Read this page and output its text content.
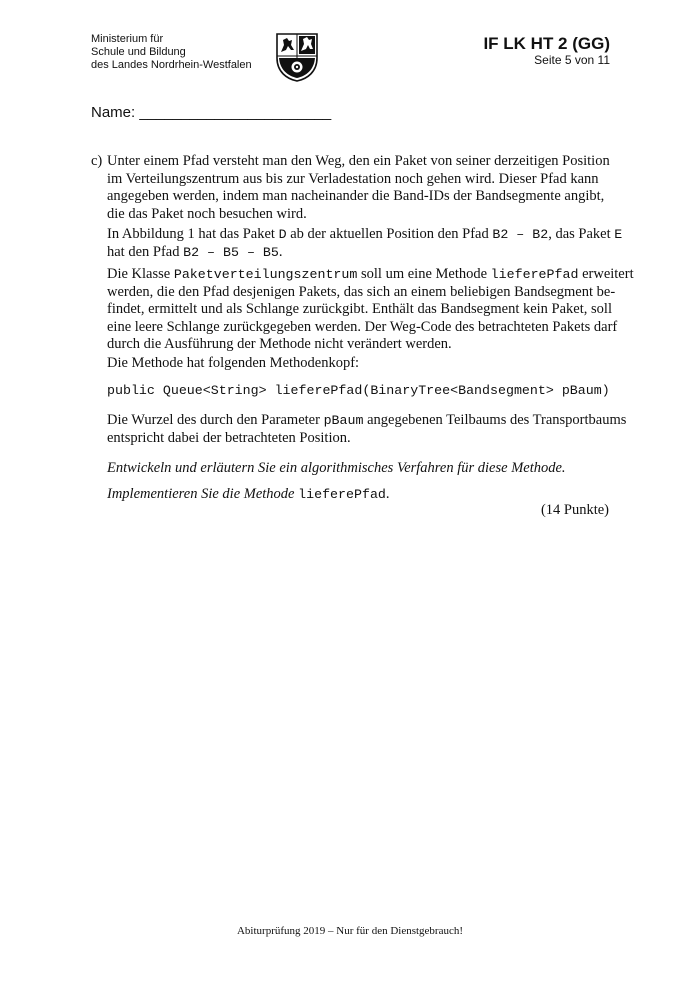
Ministerium für
Schule und Bildung
des Landes Nordrhein-Westfalen
IF LK HT 2 (GG)
Seite 5 von 11
Name: _______________________
c) Unter einem Pfad versteht man den Weg, den ein Paket von seiner derzeitigen Position
im Verteilungszentrum aus bis zur Verladestation noch gehen wird. Dieser Pfad kann
angegeben werden, indem man nacheinander die Band-IDs der Bandsegmente angibt,
die das Paket noch besuchen wird.
In Abbildung 1 hat das Paket D ab der aktuellen Position den Pfad B2 – B2, das Paket E
hat den Pfad B2 – B5 – B5.
Die Klasse Paketverteilungszentrum soll um eine Methode lieferePfad erweitert
werden, die den Pfad desjenigen Pakets, das sich an einem beliebigen Bandsegment be-
findet, ermittelt und als Schlange zurückgibt. Enthält das Bandsegment kein Paket, soll
eine leere Schlange zurückgegeben werden. Der Weg-Code des betrachteten Pakets darf
durch die Ausführung der Methode nicht verändert werden.
Die Methode hat folgenden Methodenkopf:
public Queue<String> lieferePfad(BinaryTree<Bandsegment> pBaum)
Die Wurzel des durch den Parameter pBaum angegebenen Teilbaums des Transportbaums
entspricht dabei der betrachteten Position.
Entwickeln und erläutern Sie ein algorithmisches Verfahren für diese Methode.
Implementieren Sie die Methode lieferePfad.
(14 Punkte)
Abiturprüfung 2019 – Nur für den Dienstgebrauch!
